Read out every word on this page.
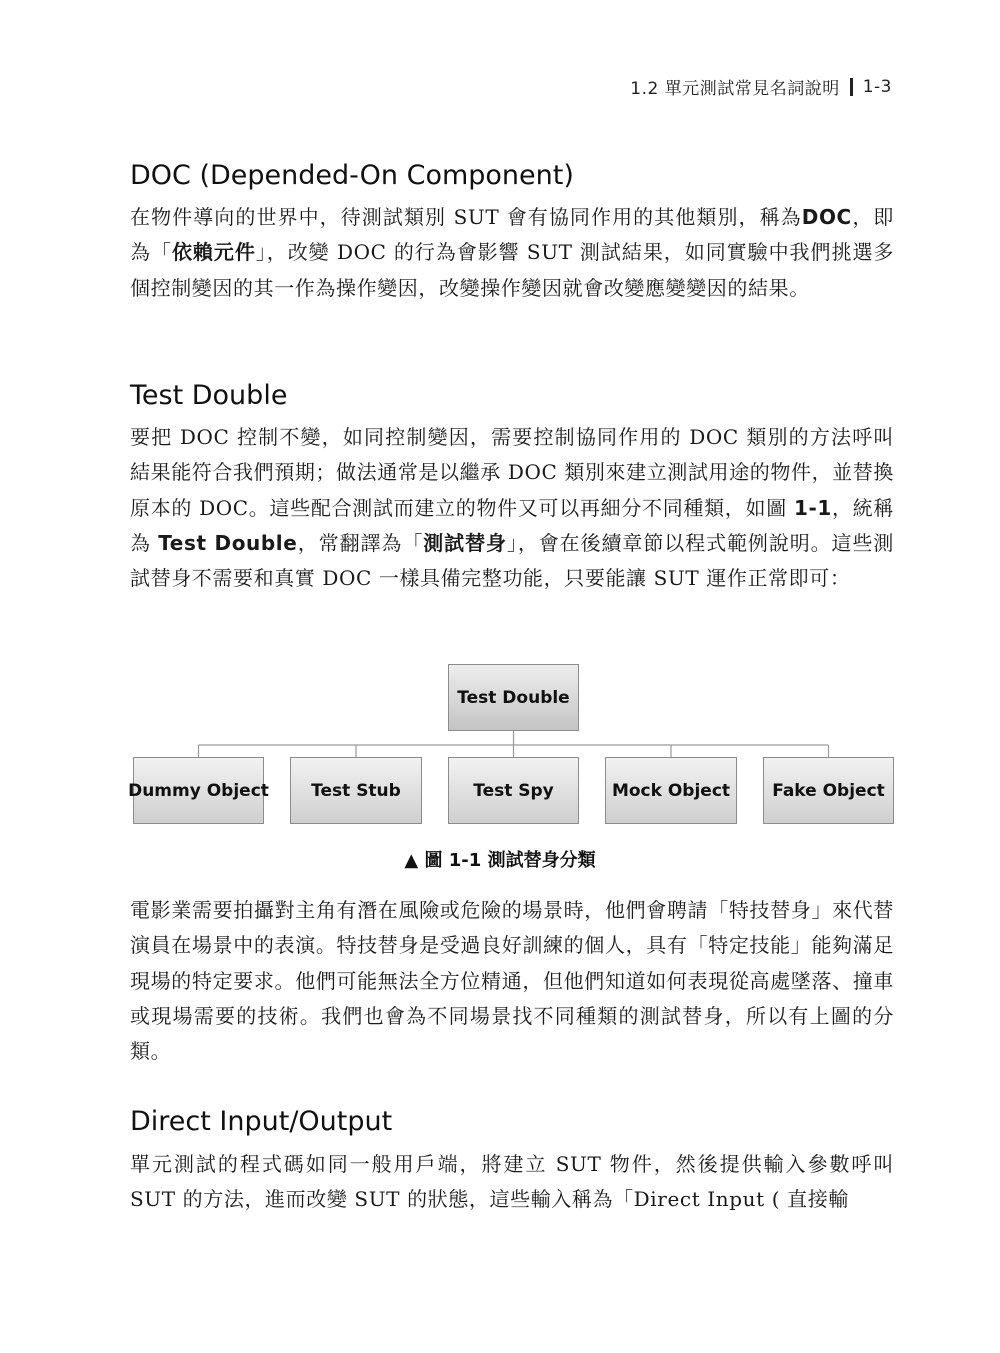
1.2 單元測試常見名詞說明 1-3
DOC (Depended-On Component)

在物件導向的世界中，待測試類別 SUT 會有協同作用的其他類別，稱為DOC，即為「依賴元件」，改變 DOC 的行為會影響 SUT 測試結果，如同實驗中我們挑選多個控制變因的其一作為操作變因，改變操作變因就會改變應變變因的結果。

Test Double

要把 DOC 控制不變，如同控制變因，需要控制協同作用的 DOC 類別的方法呼叫結果能符合我們預期；做法通常是以繼承 DOC 類別來建立測試用途的物件，並替換原本的 DOC。這些配合測試而建立的物件又可以再細分不同種類，如圖 1-1，統稱為 Test Double，常翻譯為「測試替身」，會在後續章節以程式範例說明。這些測試替身不需要和真實 DOC 一樣具備完整功能，只要能讓 SUT 運作正常即可：

Test Double
Dummy Object	Test Stub	Test Spy	Mock Object	Fake Object
▲ 圖 1-1 測試替身分類

電影業需要拍攝對主角有潛在風險或危險的場景時，他們會聘請「特技替身」來代替演員在場景中的表演。特技替身是受過良好訓練的個人，具有「特定技能」能夠滿足現場的特定要求。他們可能無法全方位精通，但他們知道如何表現從高處墜落、撞車或現場需要的技術。我們也會為不同場景找不同種類的測試替身，所以有上圖的分類。

Direct Input/Output

單元測試的程式碼如同一般用戶端，將建立 SUT 物件，然後提供輸入參數呼叫 SUT 的方法，進而改變 SUT 的狀態，這些輸入稱為「Direct Input ( 直接輸
